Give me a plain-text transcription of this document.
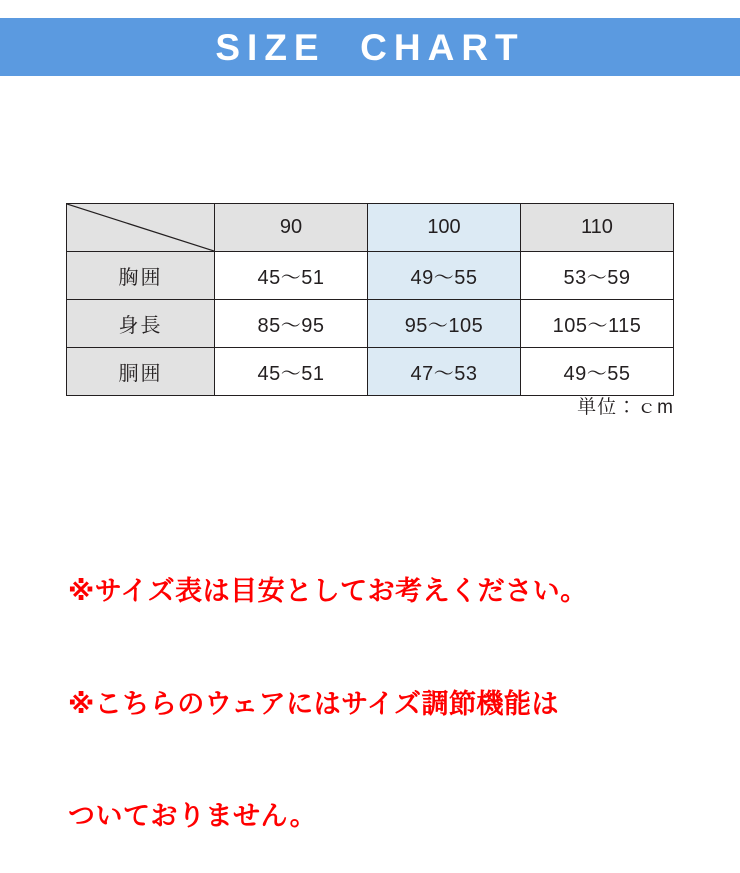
SIZE  CHART
	90	100	110
胸囲	45〜51	49〜55	53〜59
身長	85〜95	95〜105	105〜115
胴囲	45〜51	47〜53	49〜55
単位：ｃm

※サイズ表は目安としてお考えください。

※こちらのウェアにはサイズ調節機能は

ついておりません。
